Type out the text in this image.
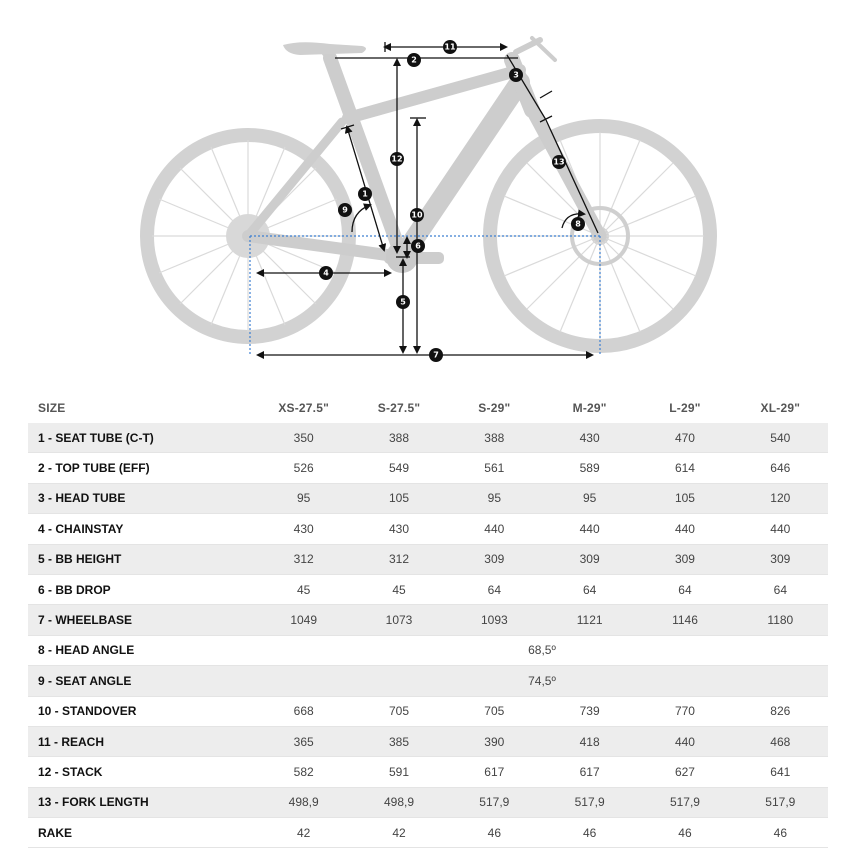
1
2
3
4
5
6
7
8
9
10
11
12	13
SIZE	XS-27.5"	S-27.5"	S-29"	M-29"	L-29"	XL-29"
1 - SEAT TUBE (C-T)	350	388	388	430	470	540
2 - TOP TUBE (EFF)	526	549	561	589	614	646
3 - HEAD TUBE	95	105	95	95	105	120
4 - CHAINSTAY	430	430	440	440	440	440
5 - BB HEIGHT	312	312	309	309	309	309
6 - BB DROP	45	45	64	64	64	64
7 - WHEELBASE	1049	1073	1093	1121	1146	1180
8 - HEAD ANGLE	68,5º					
9 - SEAT ANGLE	74,5º					
10 - STANDOVER	668	705	705	739	770	826
11 - REACH	365	385	390	418	440	468
12 - STACK	582	591	617	617	627	641
13 - FORK LENGTH	498,9	498,9	517,9	517,9	517,9	517,9
RAKE	42	42	46	46	46	46
